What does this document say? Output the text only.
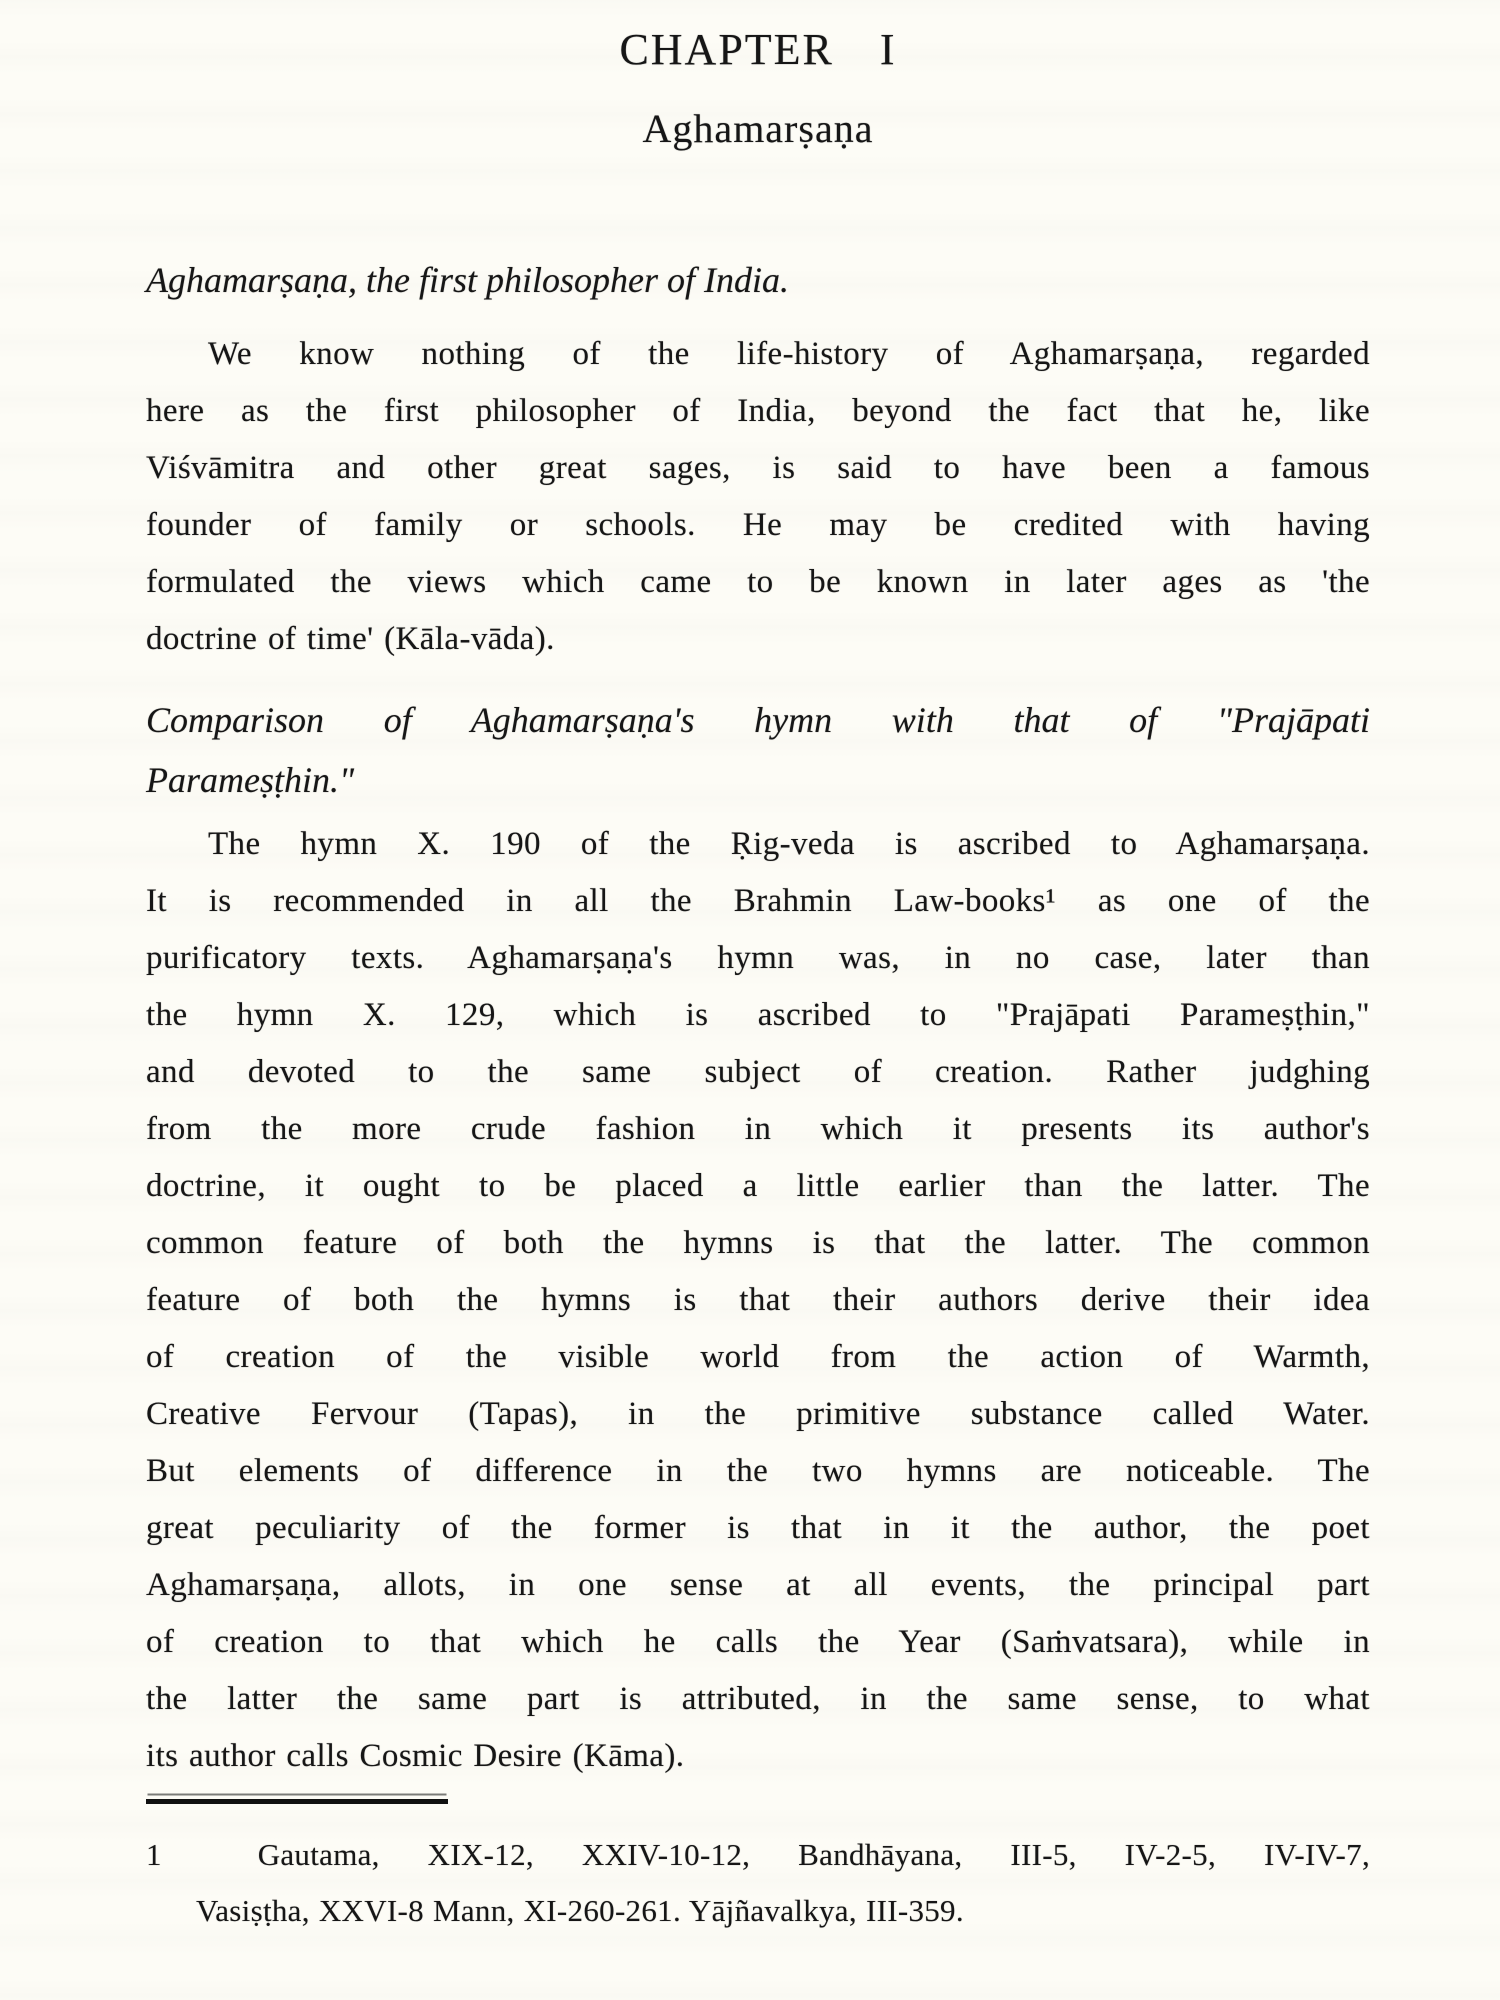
CHAPTER I
Aghamarṣaṇa
Aghamarṣaṇa, the first philosopher of India.
We know nothing of the life-history of Aghamarṣaṇa, regarded
here as the first philosopher of India, beyond the fact that he, like
Viśvāmitra and other great sages, is said to have been a famous
founder of family or schools. He may be credited with having
formulated the views which came to be known in later ages as 'the
doctrine of time' (Kāla-vāda).
Comparison of Aghamarṣaṇa's hymn with that of "Prajāpati
Parameṣṭhin."
The hymn X. 190 of the Ṛig-veda is ascribed to Aghamarṣaṇa.
It is recommended in all the Brahmin Law-books¹ as one of the
purificatory texts. Aghamarṣaṇa's hymn was, in no case, later than
the hymn X. 129, which is ascribed to "Prajāpati Parameṣṭhin,"
and devoted to the same subject of creation. Rather judghing
from the more crude fashion in which it presents its author's
doctrine, it ought to be placed a little earlier than the latter. The
common feature of both the hymns is that the latter. The common
feature of both the hymns is that their authors derive their idea
of creation of the visible world from the action of Warmth,
Creative Fervour (Tapas), in the primitive substance called Water.
But elements of difference in the two hymns are noticeable. The
great peculiarity of the former is that in it the author, the poet
Aghamarṣaṇa, allots, in one sense at all events, the principal part
of creation to that which he calls the Year (Saṁvatsara), while in
the latter the same part is attributed, in the same sense, to what
its author calls Cosmic Desire (Kāma).
1  Gautama, XIX-12, XXIV-10-12, Bandhāyana, III-5, IV-2-5, IV-IV-7,
Vasiṣṭha, XXVI-8 Mann, XI-260-261. Yājñavalkya, III-359.
